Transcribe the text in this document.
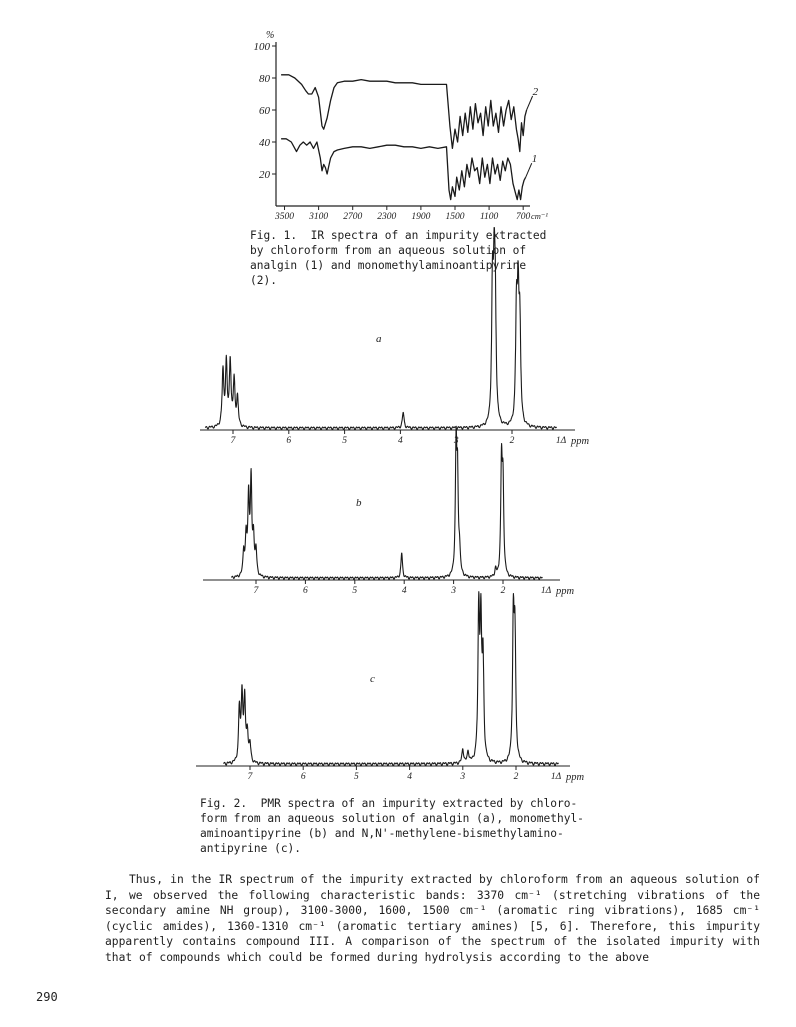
%
100
80
60
40
20
3500 3100 2700 2300 1900 1500 1100 700 cm⁻¹
2
1
Fig. 1.  IR spectra of an impurity extracted
by chloroform from an aqueous solution of
analgin (1) and monomethylaminoantipyrine
(2).
7	6	5	4	3	2	1Δ ppm
a
7	6	5	4	3	2	1Δ ppm
b
7	6	5	4	3	2	1Δ ppm
c
Fig. 2.  PMR spectra of an impurity extracted by chloro-
form from an aqueous solution of analgin (a), monomethyl-
aminoantipyrine (b) and N,N'-methylene-bismethylamino-
antipyrine (c).

Thus, in the IR spectrum of the impurity extracted by chloroform from an aqueous solution of I, we observed the following characteristic bands: 3370 cm⁻¹ (stretching vibrations of the secondary amine NH group), 3100-3000, 1600, 1500 cm⁻¹ (aromatic ring vibrations), 1685 cm⁻¹ (cyclic amides), 1360-1310 cm⁻¹ (aromatic tertiary amines) [5, 6]. Therefore, this impurity apparently contains compound III. A comparison of the spectrum of the isolated impurity with that of compounds which could be formed during hydrolysis according to the above

290
